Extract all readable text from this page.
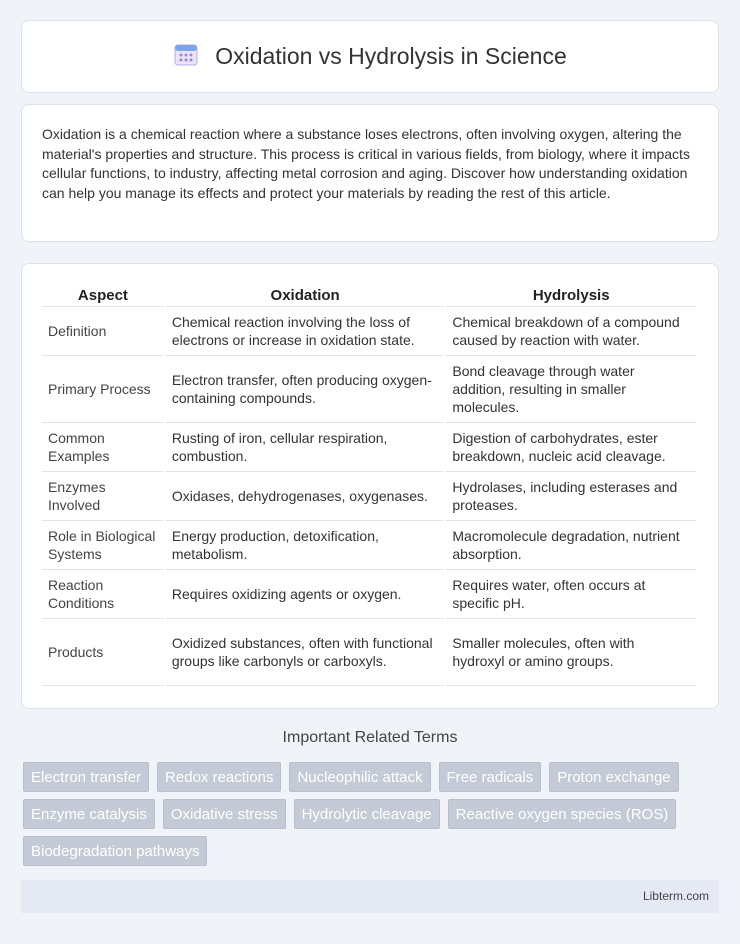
Oxidation vs Hydrolysis in Science

Oxidation is a chemical reaction where a substance loses electrons, often involving oxygen, altering the material's properties and structure. This process is critical in various fields, from biology, where it impacts cellular functions, to industry, affecting metal corrosion and aging. Discover how understanding oxidation can help you manage its effects and protect your materials by reading the rest of this article.

Aspect	Oxidation	Hydrolysis
Definition	Chemical reaction involving the loss of electrons or increase in oxidation state.	Chemical breakdown of a compound caused by reaction with water.
Primary Process	Electron transfer, often producing oxygen-containing compounds.	Bond cleavage through water addition, resulting in smaller molecules.
Common Examples	Rusting of iron, cellular respiration, combustion.	Digestion of carbohydrates, ester breakdown, nucleic acid cleavage.
Enzymes Involved	Oxidases, dehydrogenases, oxygenases.	Hydrolases, including esterases and proteases.
Role in Biological Systems	Energy production, detoxification, metabolism.	Macromolecule degradation, nutrient absorption.
Reaction Conditions	Requires oxidizing agents or oxygen.	Requires water, often occurs at specific pH.
Products	Oxidized substances, often with functional groups like carbonyls or carboxyls.	Smaller molecules, often with hydroxyl or amino groups.
Important Related Terms
Electron transfer	Redox reactions	Nucleophilic attack	Free radicals	Proton exchange
Enzyme catalysis	Oxidative stress	Hydrolytic cleavage	Reactive oxygen species (ROS)
Biodegradation pathways
Libterm.com
